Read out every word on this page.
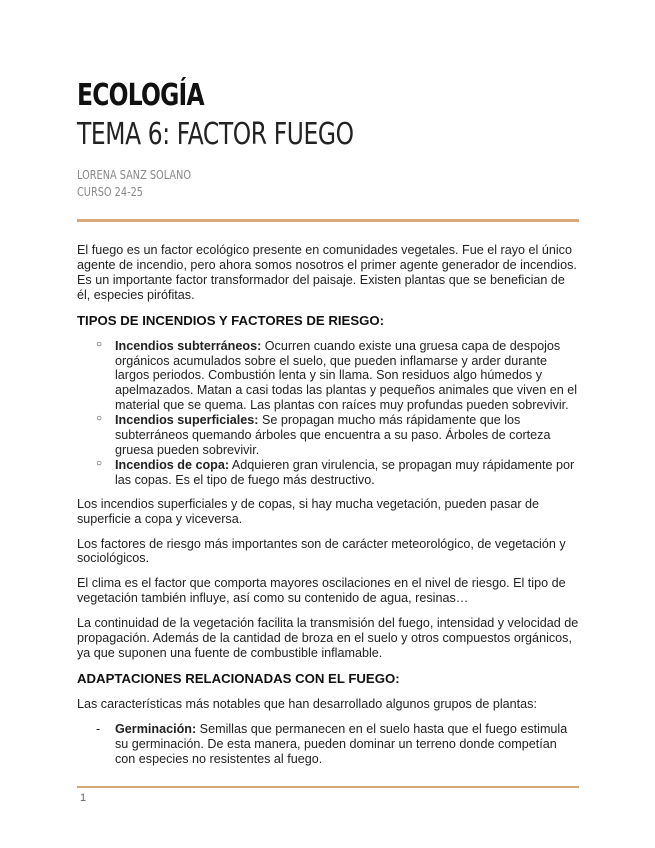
ECOLOGÍA
TEMA 6: FACTOR FUEGO
LORENA SANZ SOLANO
CURSO 24-25

El fuego es un factor ecológico presente en comunidades vegetales. Fue el rayo el único agente de incendio, pero ahora somos nosotros el primer agente generador de incendios. Es un importante factor transformador del paisaje. Existen plantas que se benefician de él, especies pirófitas.

TIPOS DE INCENDIOS Y FACTORES DE RIESGO:
○ Incendios subterráneos: Ocurren cuando existe una gruesa capa de despojos orgánicos acumulados sobre el suelo, que pueden inflamarse y arder durante largos periodos. Combustión lenta y sin llama. Son residuos algo húmedos y apelmazados. Matan a casi todas las plantas y pequeños animales que viven en el material que se quema. Las plantas con raíces muy profundas pueden sobrevivir.
○ Incendios superficiales: Se propagan mucho más rápidamente que los subterráneos quemando árboles que encuentra a su paso. Árboles de corteza gruesa pueden sobrevivir.
○ Incendios de copa: Adquieren gran virulencia, se propagan muy rápidamente por las copas. Es el tipo de fuego más destructivo.

Los incendios superficiales y de copas, si hay mucha vegetación, pueden pasar de superficie a copa y viceversa.

Los factores de riesgo más importantes son de carácter meteorológico, de vegetación y sociológicos.

El clima es el factor que comporta mayores oscilaciones en el nivel de riesgo. El tipo de vegetación también influye, así como su contenido de agua, resinas…

La continuidad de la vegetación facilita la transmisión del fuego, intensidad y velocidad de propagación. Además de la cantidad de broza en el suelo y otros compuestos orgánicos, ya que suponen una fuente de combustible inflamable.

ADAPTACIONES RELACIONADAS CON EL FUEGO:

Las características más notables que han desarrollado algunos grupos de plantas:

- Germinación: Semillas que permanecen en el suelo hasta que el fuego estimula su germinación. De esta manera, pueden dominar un terreno donde competían con especies no resistentes al fuego.
1
